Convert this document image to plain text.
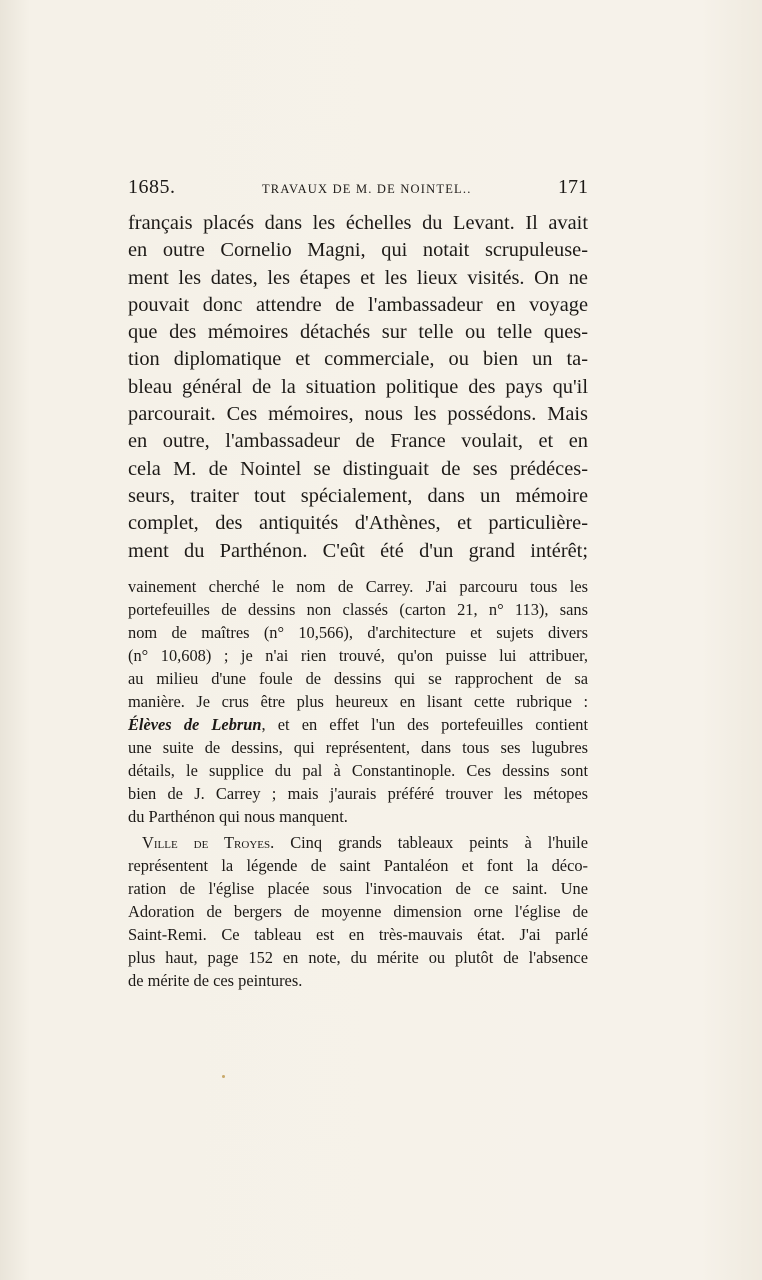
1685.	TRAVAUX DE M. DE NOINTEL..	171
français placés dans les échelles du Levant. Il avait
en outre Cornelio Magni, qui notait scrupuleuse-
ment les dates, les étapes et les lieux visités. On ne
pouvait donc attendre de l'ambassadeur en voyage
que des mémoires détachés sur telle ou telle ques-
tion diplomatique et commerciale, ou bien un ta-
bleau général de la situation politique des pays qu'il
parcourait. Ces mémoires, nous les possédons. Mais
en outre, l'ambassadeur de France voulait, et en
cela M. de Nointel se distinguait de ses prédéces-
seurs, traiter tout spécialement, dans un mémoire
complet, des antiquités d'Athènes, et particulière-
ment du Parthénon. C'eût été d'un grand intérêt;
vainement cherché le nom de Carrey. J'ai parcouru tous les
portefeuilles de dessins non classés (carton 21, n° 113), sans
nom de maîtres (n° 10,566), d'architecture et sujets divers
(n° 10,608) ; je n'ai rien trouvé, qu'on puisse lui attribuer,
au milieu d'une foule de dessins qui se rapprochent de sa
manière. Je crus être plus heureux en lisant cette rubrique :
Élèves de Lebrun, et en effet l'un des portefeuilles contient
une suite de dessins, qui représentent, dans tous ses lugubres
détails, le supplice du pal à Constantinople. Ces dessins sont
bien de J. Carrey ; mais j'aurais préféré trouver les métopes
du Parthénon qui nous manquent.
Ville de Troyes. Cinq grands tableaux peints à l'huile
représentent la légende de saint Pantaléon et font la déco-
ration de l'église placée sous l'invocation de ce saint. Une
Adoration de bergers de moyenne dimension orne l'église de
Saint-Remi. Ce tableau est en très-mauvais état. J'ai parlé
plus haut, page 152 en note, du mérite ou plutôt de l'absence
de mérite de ces peintures.
